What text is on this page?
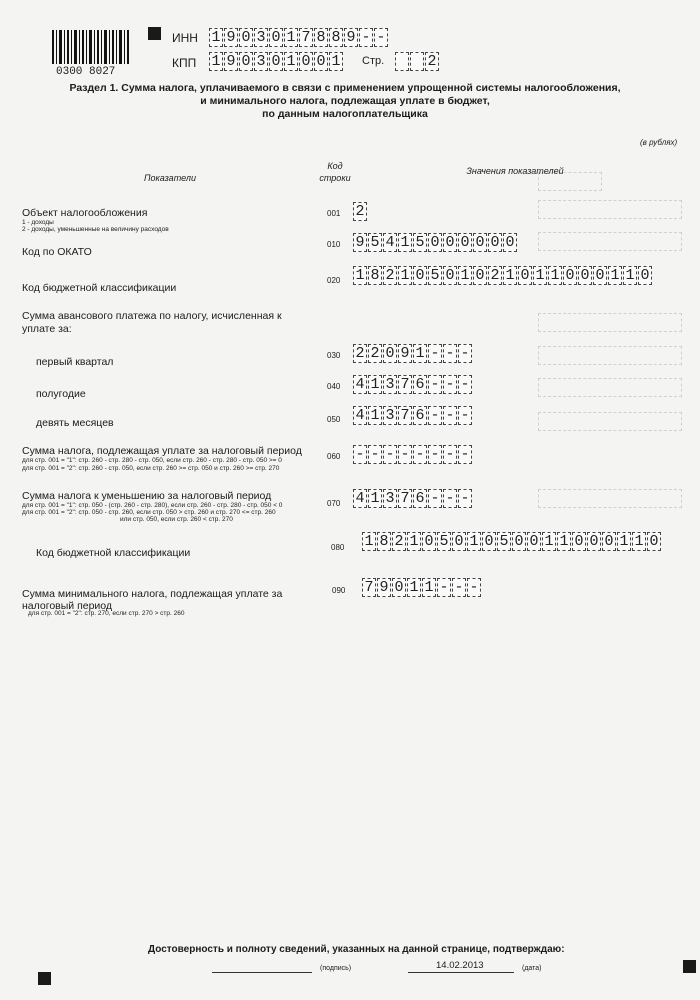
0300 8027
ИНН 1 9 0 3 0 1 7 8 8 9 - -
КПП 1 9 0 3 0 1 0 0 1 Стр.	2
Раздел 1. Сумма налога, уплачиваемого в связи с применением упрощенной системы налогообложения,
и минимального налога, подлежащая уплате в бюджет,
по данным налогоплательщика
(в рублях)
Показатели
Код
строки
Значения показателей
Объект налогообложения
1 - доходы
2 - доходы, уменьшенные на величину расходов
001 2
Код по ОКАТО
010 9 5 4 1 5 0 0 0 0 0 0
Код бюджетной классификации
020 1 8 2 1 0 5 0 1 0 2 1 0 1 1 0 0 0 1 1 0
Сумма авансового платежа по налогу, исчисленная к
уплате за:
первый квартал
030 2 2 0 9 1 - - -
полугодие
040 4 1 3 7 6 - - -
девять месяцев	050 4 1 3 7 6 - - -
Сумма налога, подлежащая уплате за налоговый период
для стр. 001 = "1": стр. 260 - стр. 280 - стр. 050, если стр. 260 - стр. 280 - стр. 050 >= 0
для стр. 001 = "2": стр. 260 - стр. 050, если стр. 260 >= стр. 050 и стр. 260 >= стр. 270
060 - - - - - - - -
Сумма налога к уменьшению за налоговый период
для стр. 001 = "1": стр. 050 - (стр. 260 - стр. 280), если стр. 260 - стр. 280 - стр. 050 < 0
для стр. 001 = "2": стр. 050 - стр. 260, если стр. 050 > стр. 260 и стр. 270 <= стр. 260
или стр. 050, если стр. 260 < стр. 270
070 4 1 3 7 6 - - -
Код бюджетной классификации	080 1 8 2 1 0 5 0 1 0 5 0 0 1 1 0 0 0 1 1 0
Сумма минимального налога, подлежащая уплате за
налоговый период
для стр. 001 = "2": стр. 270, если стр. 270 > стр. 260
090 7 9 0 1 1 - - -
Достоверность и полноту сведений, указанных на данной странице, подтверждаю:
(подпись)	14.02.2013	(дата)
